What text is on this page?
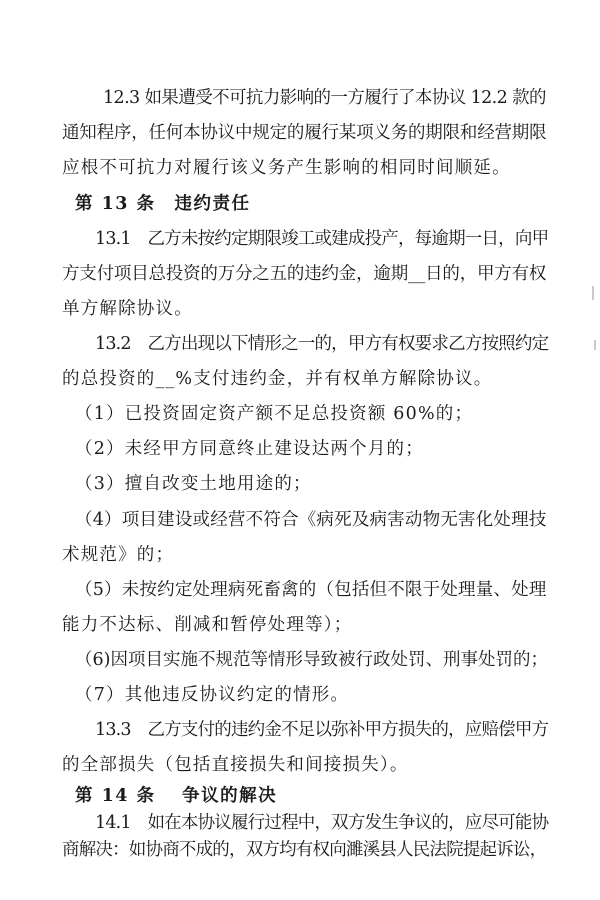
12.3 如果遭受不可抗力影响的一方履行了本协议 12.2 款的
通知程序，任何本协议中规定的履行某项义务的期限和经营期限
应根不可抗力对履行该义务产生影响的相同时间顺延。
第 13 条　违约责任
13.1　乙方未按约定期限竣工或建成投产，每逾期一日，向甲
方支付项目总投资的万分之五的违约金，逾期__日的，甲方有权
单方解除协议。
13.2　乙方出现以下情形之一的，甲方有权要求乙方按照约定
的总投资的__%支付违约金，并有权单方解除协议。
（1）已投资固定资产额不足总投资额 60%的；
（2）未经甲方同意终止建设达两个月的；
（3）擅自改变土地用途的；
（4）项目建设或经营不符合《病死及病害动物无害化处理技
术规范》的；
（5）未按约定处理病死畜禽的（包括但不限于处理量、处理
能力不达标、削减和暂停处理等）；
（6)因项目实施不规范等情形导致被行政处罚、刑事处罚的；
（7）其他违反协议约定的情形。
13.3　乙方支付的违约金不足以弥补甲方损失的，应赔偿甲方
的全部损失（包括直接损失和间接损失）。
第 14 条　 争议的解决
14.1　如在本协议履行过程中，双方发生争议的，应尽可能协
商解决：如协商不成的，双方均有权向濉溪县人民法院提起诉讼，
